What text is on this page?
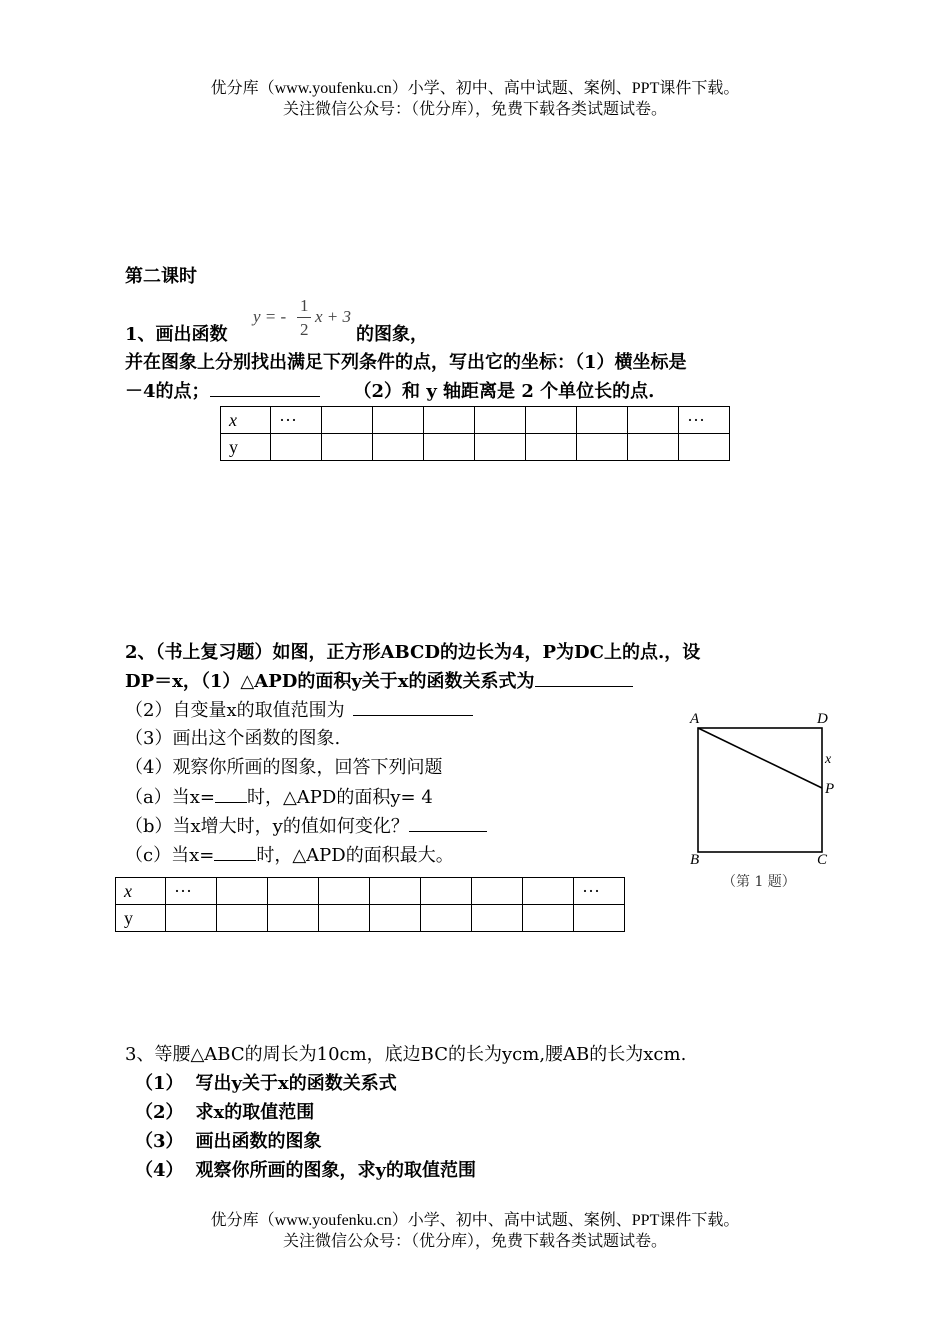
优分库（www.youfenku.cn）小学、初中、高中试题、案例、PPT课件下载。
关注微信公众号：（优分库），免费下载各类试题试卷。
第二课时
y = -
1
2
x + 3
1、画出函数	的图象，
并在图象上分别找出满足下列条件的点，写出它的坐标：（1）横坐标是
－4的点；	（2）和 y 轴距离是 2 个单位长的点.
x	···								···
y									
2、（书上复习题）如图，正方形ABCD的边长为4，P为DC上的点.，设
DP＝x，（1）△APD的面积y关于x的函数关系式为
（2）自变量x的取值范围为
（3）画出这个函数的图象.
（4）观察你所画的图象，回答下列问题
（a）当x= 时，△APD的面积y= 4
（b）当x增大时，y的值如何变化？
（c）当x= 时，△APD的面积最大。
A	D
x
P
B	C
（第 1 题）
x	···								···
y									
3、等腰△ABC的周长为10cm，底边BC的长为ycm,腰AB的长为xcm.
（1） 写出y关于x的函数关系式
（2） 求x的取值范围
（3） 画出函数的图象
（4） 观察你所画的图象，求y的取值范围
优分库（www.youfenku.cn）小学、初中、高中试题、案例、PPT课件下载。
关注微信公众号：（优分库），免费下载各类试题试卷。
